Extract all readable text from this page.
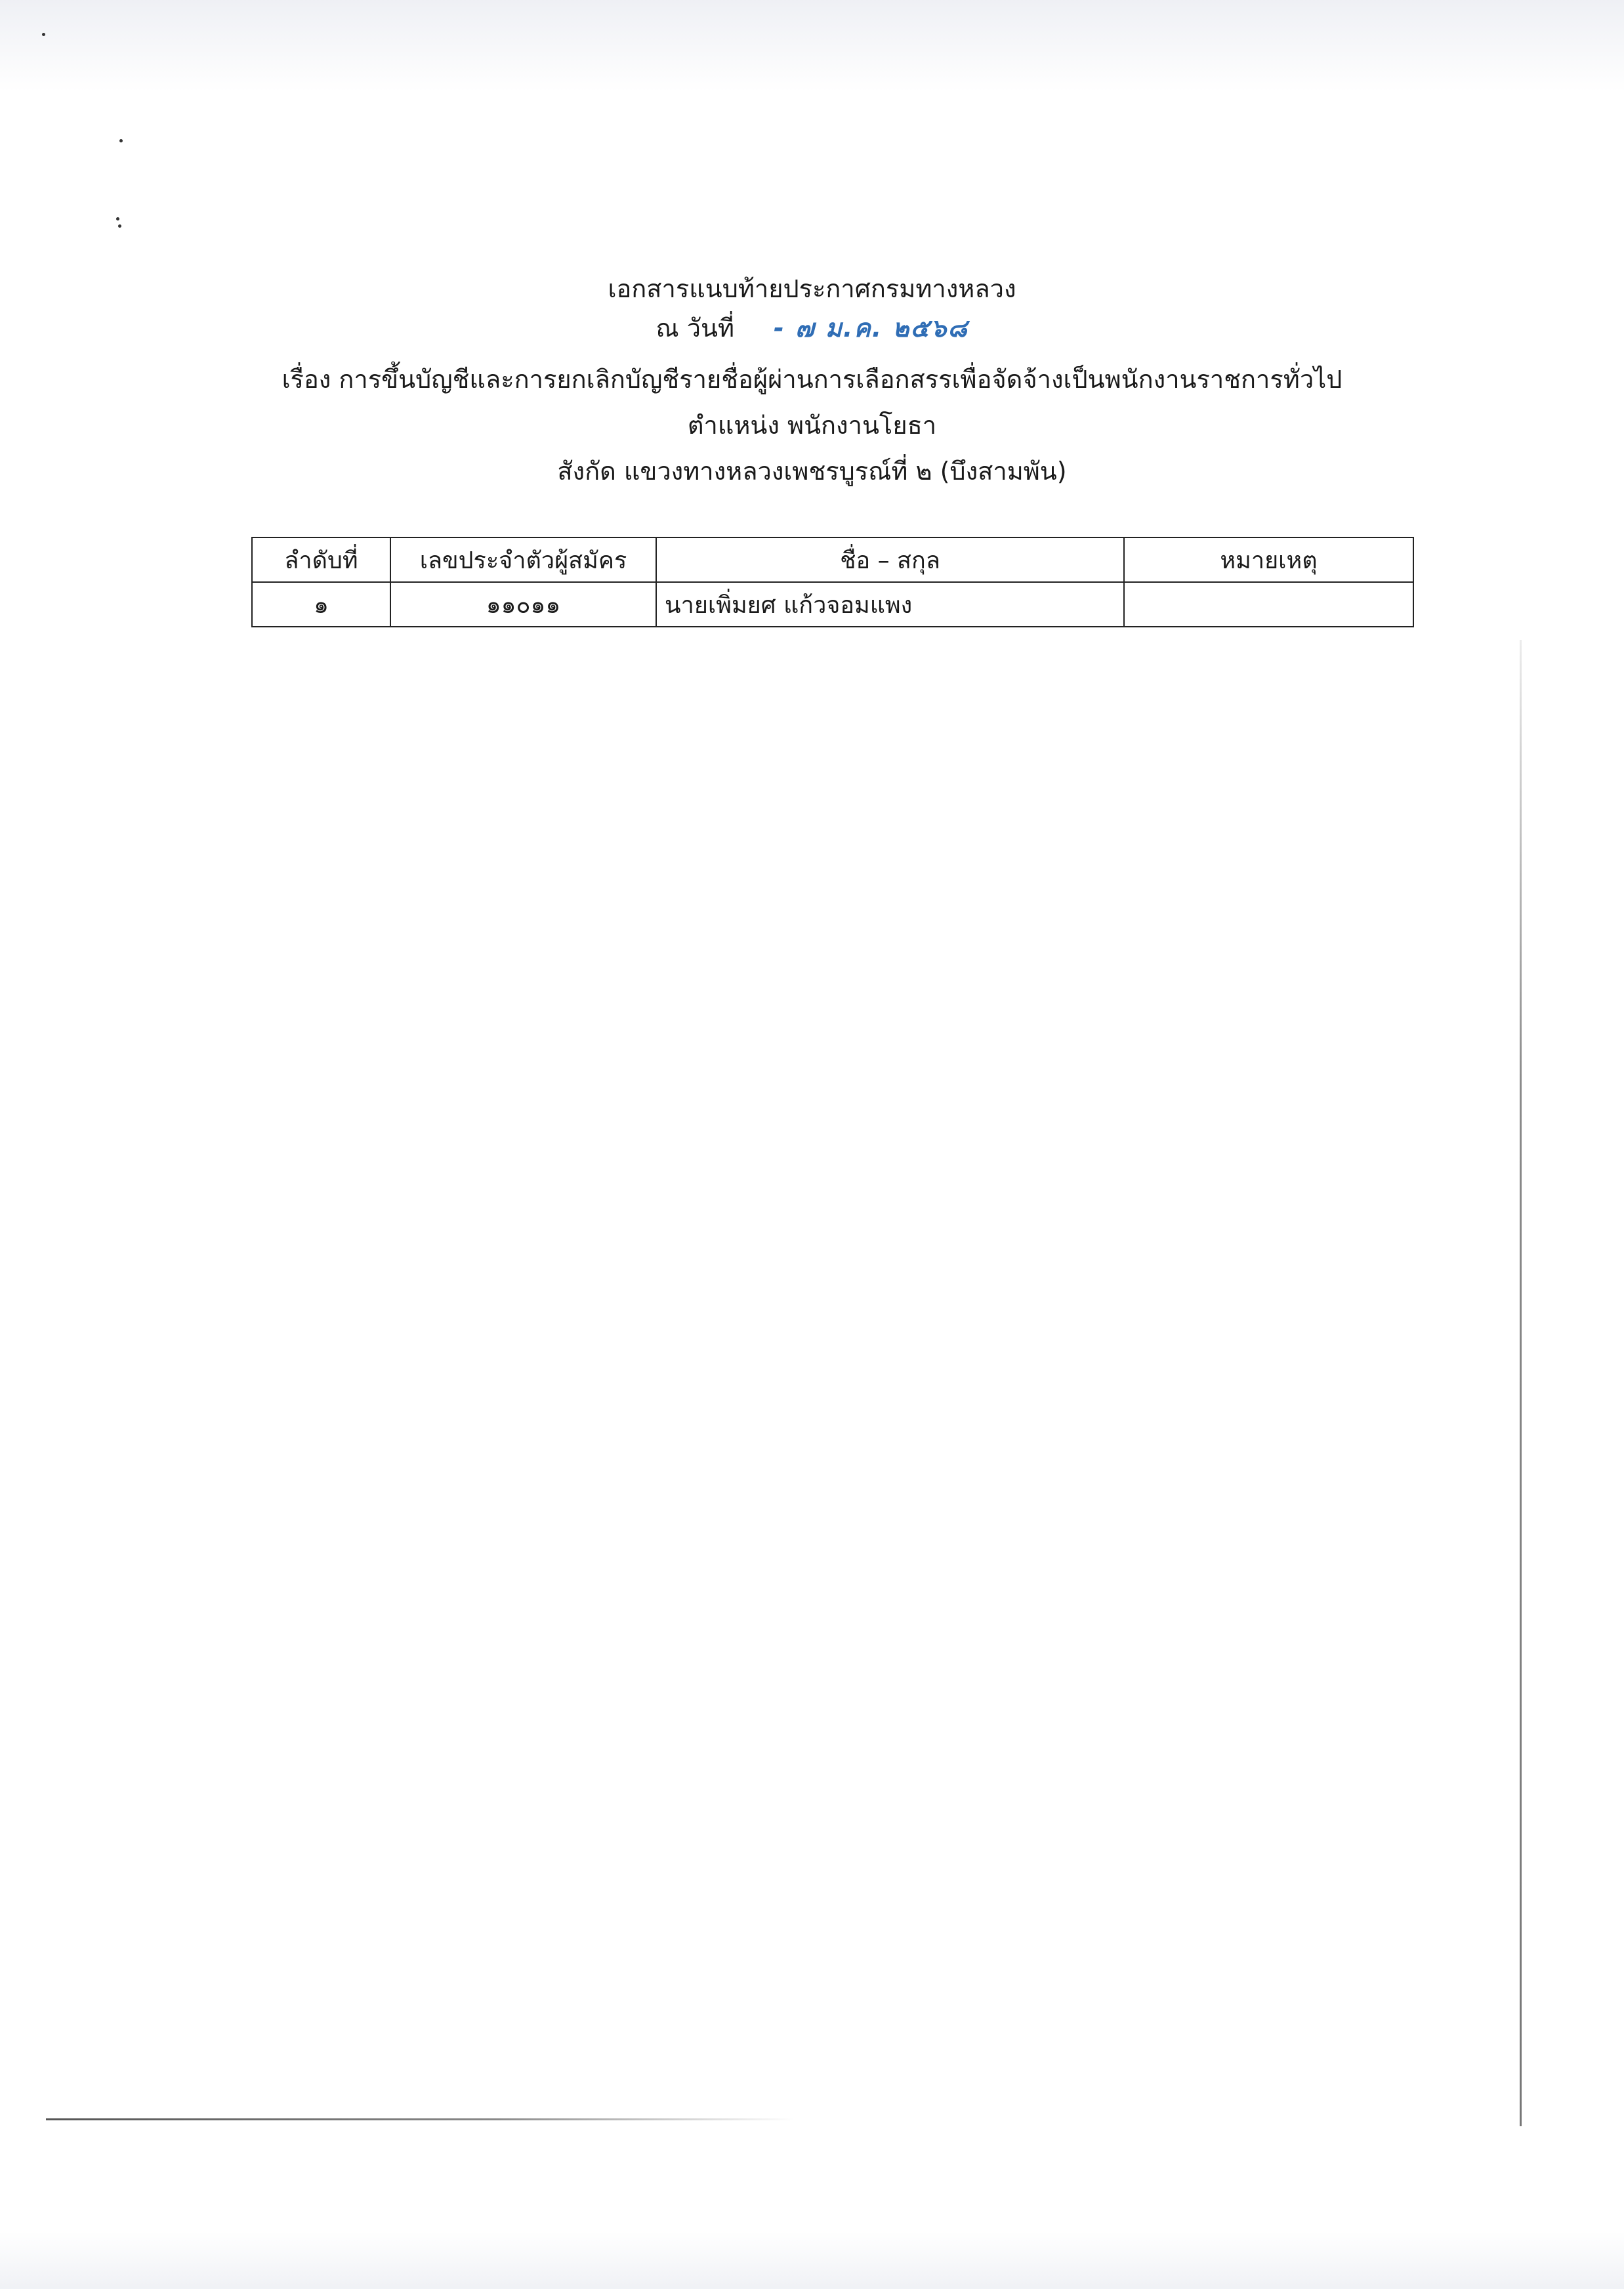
เอกสารแนบท้ายประกาศกรมทางหลวง
ณ วันที่ - ๗ ม.ค. ๒๕๖๘
เรื่อง การขึ้นบัญชีและการยกเลิกบัญชีรายชื่อผู้ผ่านการเลือกสรรเพื่อจัดจ้างเป็นพนักงานราชการทั่วไป
ตำแหน่ง พนักงานโยธา
สังกัด แขวงทางหลวงเพชรบูรณ์ที่ ๒ (บึงสามพัน)
ลำดับที่	เลขประจำตัวผู้สมัคร	ชื่อ – สกุล	หมายเหตุ
๑	๑๑๐๑๑	นายเพิ่มยศ แก้วจอมแพง	
